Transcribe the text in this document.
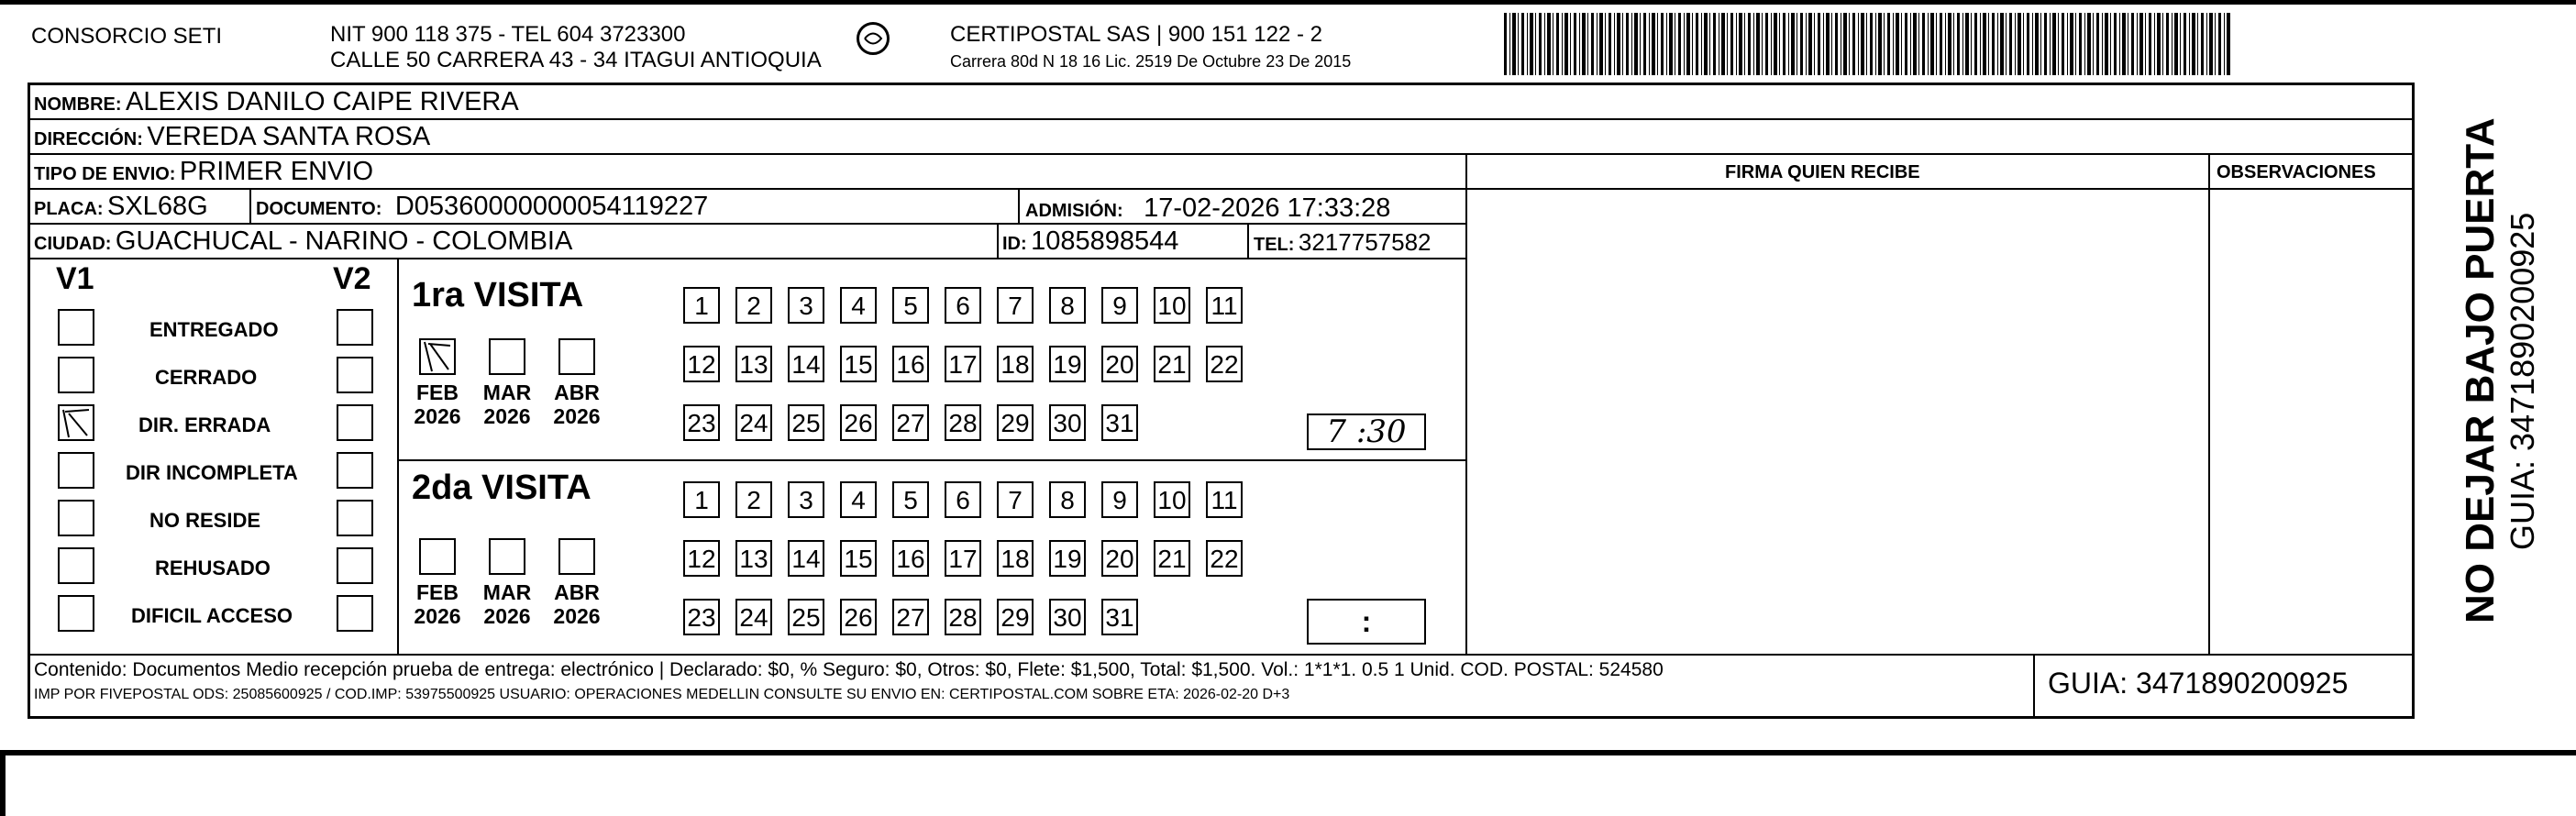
CONSORCIO SETI	NIT 900 118 375 - TEL 604 3723300
CALLE 50 CARRERA 43 - 34 ITAGUI ANTIOQUIA
CERTIPOSTAL SAS | 900 151 122 - 2
Carrera 80d N 18 16 Lic. 2519 De Octubre 23 De 2015
NOMBRE: ALEXIS DANILO CAIPE RIVERA
DIRECCIÓN: VEREDA SANTA ROSA
TIPO DE ENVIO: PRIMER ENVIO	FIRMA QUIEN RECIBE	OBSERVACIONES
PLACA: SXL68G	DOCUMENTO: D05360000000054119227	ADMISIÓN: 17-02-2026 17:33:28
CIUDAD: GUACHUCAL - NARINO - COLOMBIA	ID: 1085898544	TEL: 3217757582
V1	V2
ENTREGADO
CERRADO
DIR. ERRADA
DIR INCOMPLETA
NO RESIDE
REHUSADO
DIFICIL ACCESO
1ra VISITA
FEB
2026
MAR
2026
ABR
2026
1	2	3	4	5	6	7	8	9	10 11
12 13 14 15 16 17 18 19 20 21 22
23 24 25 26 27 28 29 30 31
2da VISITA
FEB
2026
MAR
2026
ABR
2026
1	2	3	4	5	6	7	8	9	10 11
12 13 14 15 16 17 18 19 20 21 22
23 24 25 26 27 28 29 30 31
7 :30
:
Contenido: Documentos Medio recepción prueba de entrega: electrónico | Declarado: $0, % Seguro: $0, Otros: $0, Flete: $1,500, Total: $1,500. Vol.: 1*1*1. 0.5 1 Unid. COD. POSTAL: 524580
IMP POR FIVEPOSTAL ODS: 25085600925 / COD.IMP: 53975500925 USUARIO: OPERACIONES MEDELLIN CONSULTE SU ENVIO EN: CERTIPOSTAL.COM SOBRE ETA: 2026-02-20 D+3	GUIA: 3471890200925
NO DEJAR BAJO PUERTA GUIA: 3471890200925
